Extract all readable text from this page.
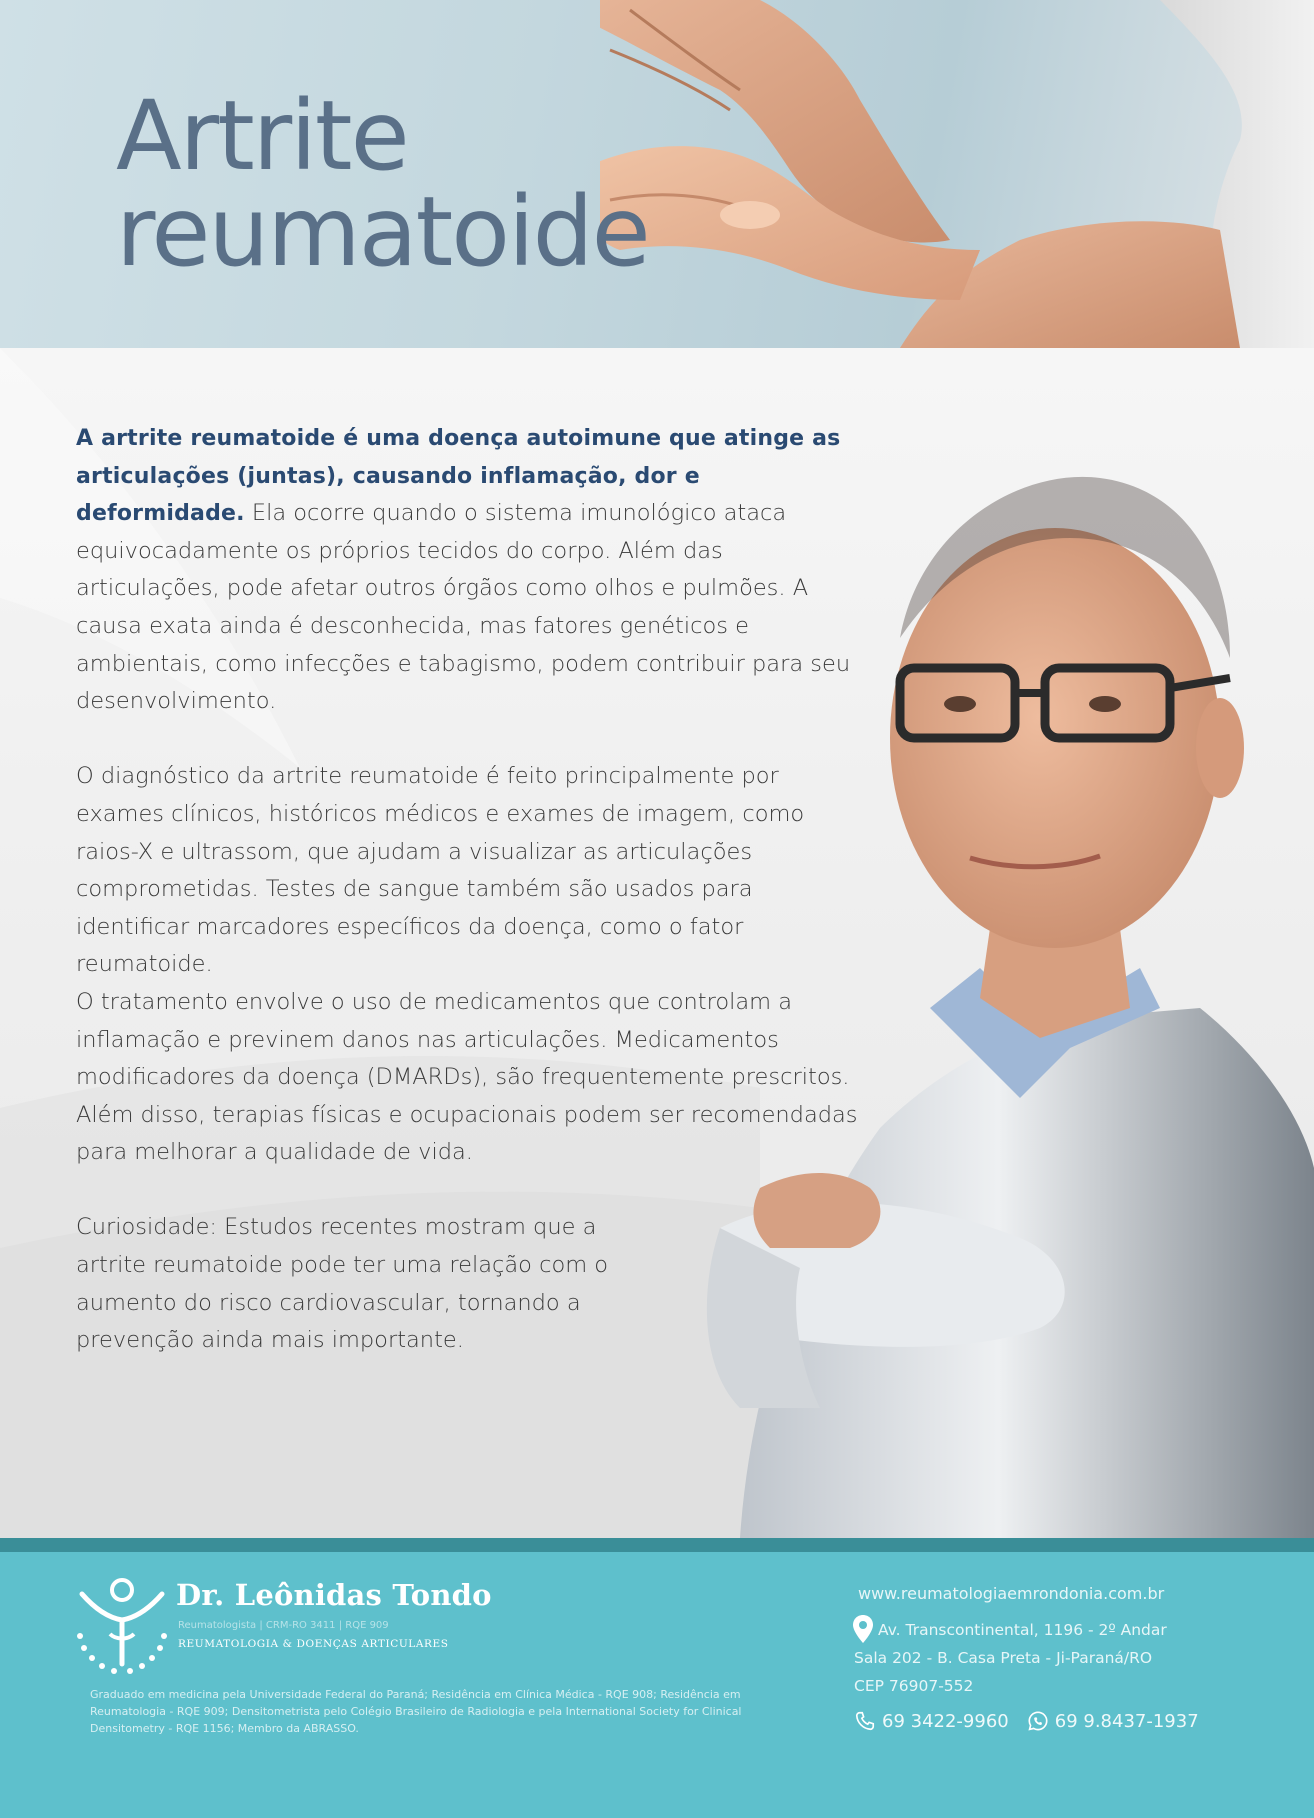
Artrite
reumatoide

A artrite reumatoide é uma doença autoimune que atinge as articulações (juntas), causando inflamação, dor e deformidade. Ela ocorre quando o sistema imunológico ataca equivocadamente os próprios tecidos do corpo. Além das articulações, pode afetar outros órgãos como olhos e pulmões. A causa exata ainda é desconhecida, mas fatores genéticos e ambientais, como infecções e tabagismo, podem contribuir para seu desenvolvimento.

O diagnóstico da artrite reumatoide é feito principalmente por exames clínicos, históricos médicos e exames de imagem, como raios-X e ultrassom, que ajudam a visualizar as articulações comprometidas. Testes de sangue também são usados para identificar marcadores específicos da doença, como o fator reumatoide.

O tratamento envolve o uso de medicamentos que controlam a inflamação e previnem danos nas articulações. Medicamentos modificadores da doença (DMARDs), são frequentemente prescritos. Além disso, terapias físicas e ocupacionais podem ser recomendadas para melhorar a qualidade de vida.

Curiosidade: Estudos recentes mostram que a artrite reumatoide pode ter uma relação com o aumento do risco cardiovascular, tornando a prevenção ainda mais importante.

Dr. Leônidas Tondo
Reumatologista | CRM-RO 3411 | RQE 909
REUMATOLOGIA & DOENÇAS ARTICULARES
Graduado em medicina pela Universidade Federal do Paraná; Residência em Clínica Médica - RQE 908; Residência em Reumatologia - RQE 909; Densitometrista pelo Colégio Brasileiro de Radiologia e pela International Society for Clinical Densitometry - RQE 1156; Membro da ABRASSO.
www.reumatologiaemrondonia.com.br
Av. Transcontinental, 1196 - 2º Andar
Sala 202 - B. Casa Preta - Ji-Paraná/RO
CEP 76907-552
69 3422-9960	69 9.8437-1937
